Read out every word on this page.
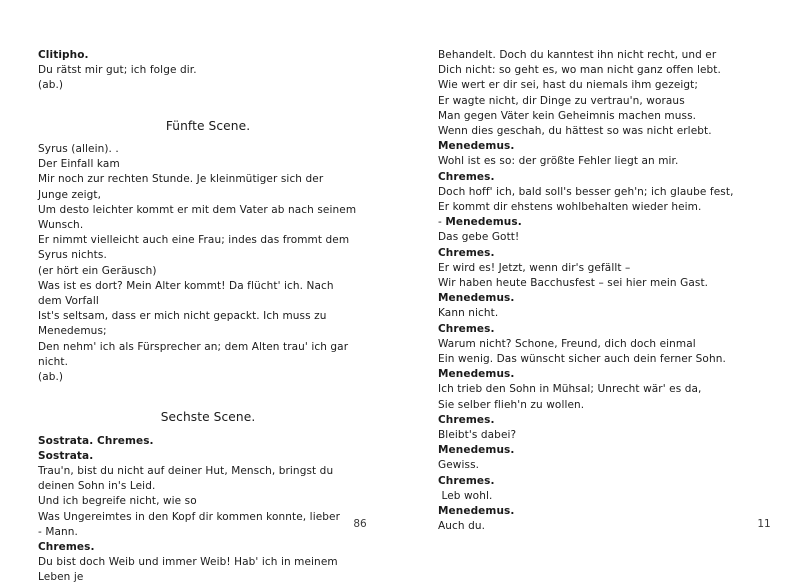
Clitipho.
Du rätst mir gut; ich folge dir.
(ab.)
Fünfte Scene.
Syrus (allein). .
Der Einfall kam
Mir noch zur rechten Stunde. Je kleinmütiger sich der
Junge zeigt,
Um desto leichter kommt er mit dem Vater ab nach seinem
Wunsch.
Er nimmt vielleicht auch eine Frau; indes das frommt dem
Syrus nichts.
(er hört ein Geräusch)
Was ist es dort? Mein Alter kommt! Da flücht' ich. Nach
dem Vorfall
Ist's seltsam, dass er mich nicht gepackt. Ich muss zu
Menedemus;
Den nehm' ich als Fürsprecher an; dem Alten trau' ich gar
nicht.
(ab.)
Sechste Scene.
Sostrata. Chremes.
Sostrata.
Trau'n, bist du nicht auf deiner Hut, Mensch, bringst du
deinen Sohn in's Leid.
Und ich begreife nicht, wie so
Was Ungereimtes in den Kopf dir kommen konnte, lieber
- Mann.
Chremes.
Du bist doch Weib und immer Weib! Hab' ich in meinem
Leben je
Behandelt. Doch du kanntest ihn nicht recht, und er
Dich nicht: so geht es, wo man nicht ganz offen lebt.
Wie wert er dir sei, hast du niemals ihm gezeigt;
Er wagte nicht, dir Dinge zu vertrau'n, woraus
Man gegen Väter kein Geheimnis machen muss.
Wenn dies geschah, du hättest so was nicht erlebt.
Menedemus.
Wohl ist es so: der größte Fehler liegt an mir.
Chremes.
Doch hoff' ich, bald soll's besser geh'n; ich glaube fest,
Er kommt dir ehstens wohlbehalten wieder heim.
- Menedemus.
Das gebe Gott!
Chremes.
Er wird es! Jetzt, wenn dir's gefällt –
Wir haben heute Bacchusfest – sei hier mein Gast.
Menedemus.
Kann nicht.
Chremes.
Warum nicht? Schone, Freund, dich doch einmal
Ein wenig. Das wünscht sicher auch dein ferner Sohn.
Menedemus.
Ich trieb den Sohn in Mühsal; Unrecht wär' es da,
Sie selber flieh'n zu wollen.
Chremes.
Bleibt's dabei?
Menedemus.
Gewiss.
Chremes.
Leb wohl.
Menedemus.
Auch du.
86	11
